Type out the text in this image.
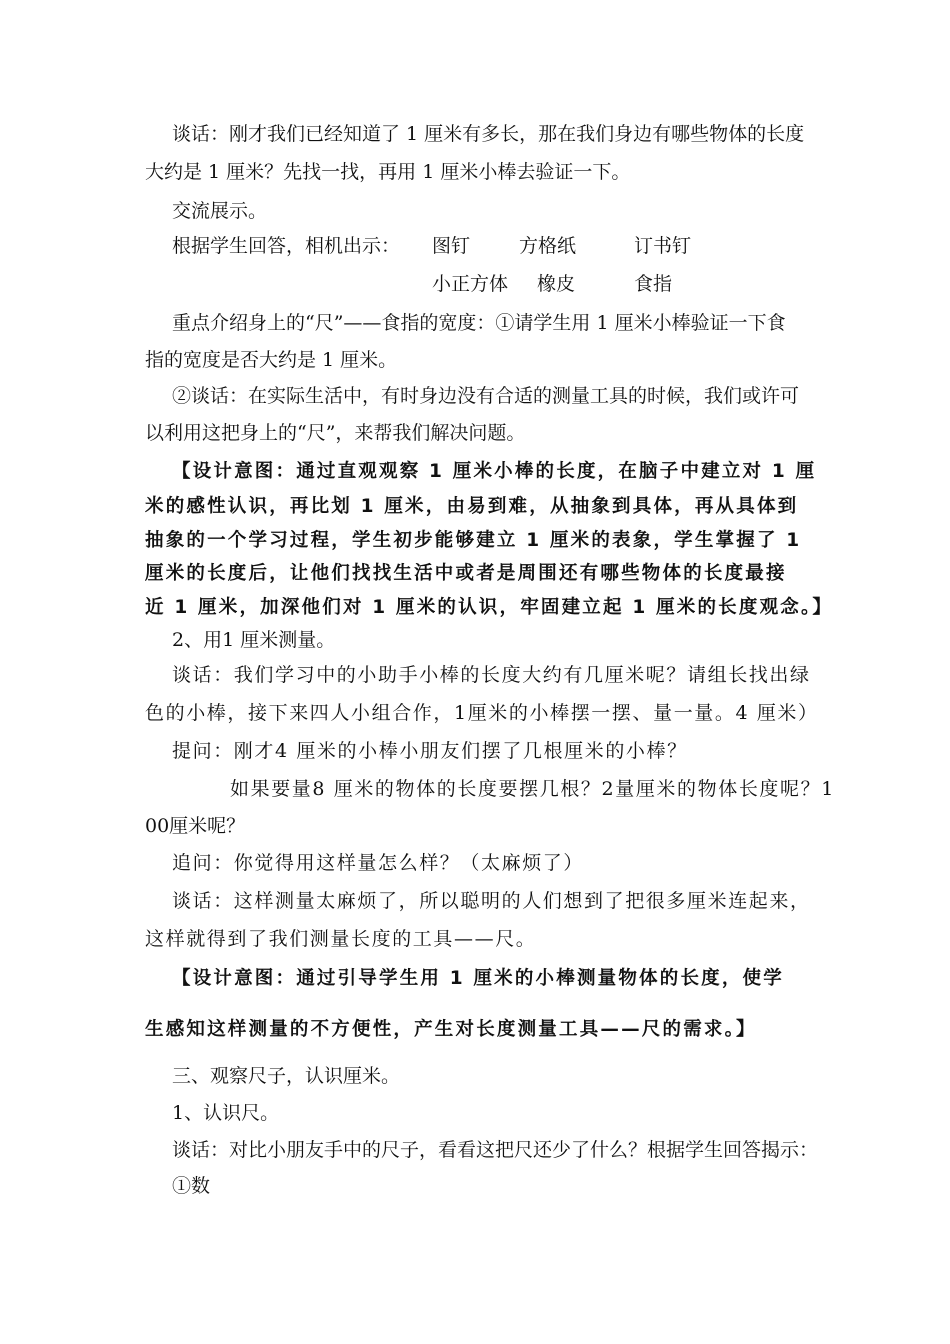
谈话：刚才我们已经知道了 1 厘米有多长，那在我们身边有哪些物体的长度
大约是 1 厘米？先找一找，再用 1 厘米小棒去验证一下。
交流展示。
根据学生回答，相机出示： 图钉	方格纸	订书钉
小正方体 橡皮	食指
重点介绍身上的“尺”——食指的宽度：①请学生用 1 厘米小棒验证一下食
指的宽度是否大约是 1 厘米。
②谈话：在实际生活中，有时身边没有合适的测量工具的时候，我们或许可
以利用这把身上的“尺”，来帮我们解决问题。
【设计意图：通过直观观察 1 厘米小棒的长度，在脑子中建立对 1 厘
米的感性认识，再比划 1 厘米，由易到难，从抽象到具体，再从具体到
抽象的一个学习过程，学生初步能够建立 1 厘米的表象，学生掌握了 1
厘米的长度后，让他们找找生活中或者是周围还有哪些物体的长度最接
近 1 厘米，加深他们对 1 厘米的认识，牢固建立起 1 厘米的长度观念。】
2、用1 厘米测量。
谈话：我们学习中的小助手小棒的长度大约有几厘米呢？请组长找出绿
色的小棒，接下来四人小组合作，1厘米的小棒摆一摆、量一量。4 厘米）
提问：刚才4 厘米的小棒小朋友们摆了几根厘米的小棒？
如果要量8 厘米的物体的长度要摆几根？2量厘米的物体长度呢？1
00厘米呢？
追问：你觉得用这样量怎么样？（太麻烦了）
谈话：这样测量太麻烦了，所以聪明的人们想到了把很多厘米连起来，
这样就得到了我们测量长度的工具——尺。
【设计意图：通过引导学生用 1 厘米的小棒测量物体的长度，使学
生感知这样测量的不方便性，产生对长度测量工具——尺的需求。】
三、观察尺子，认识厘米。
1、认识尺。
谈话：对比小朋友手中的尺子，看看这把尺还少了什么？根据学生回答揭示：
①数
